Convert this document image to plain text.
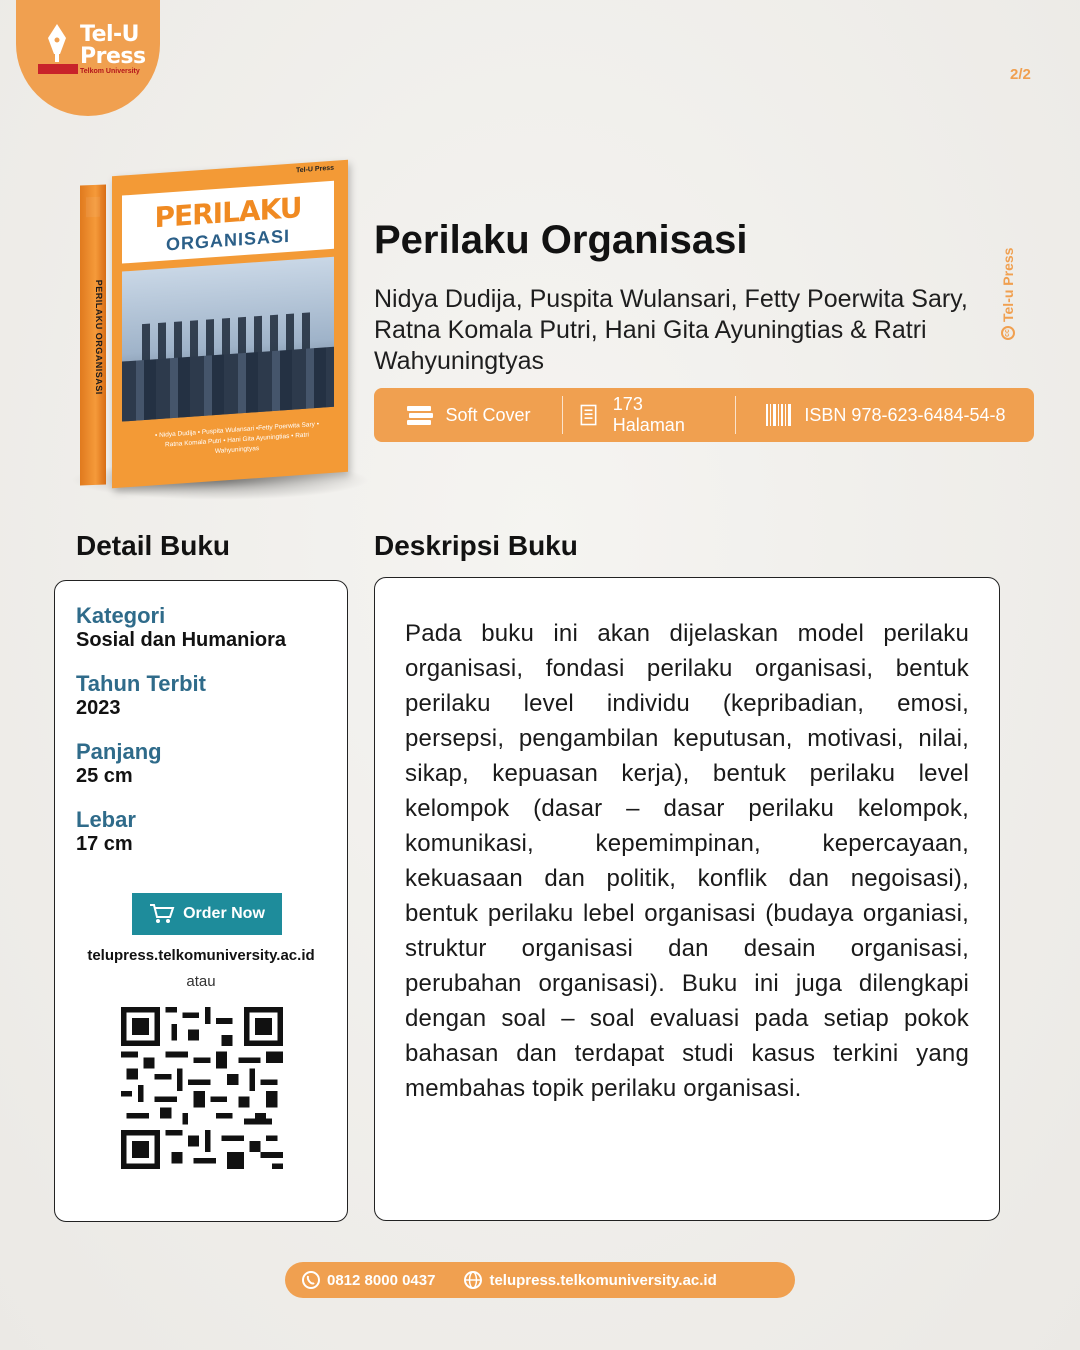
Tel-U
Press
Telkom University	2/2
cc
Tel-u Press
PERILAKU ORGANISASI
Tel-U Press
PERILAKU
ORGANISASI
• Nidya Dudija • Puspita Wulansari •Fetty Poerwita Sary • Ratna Komala Putri • Hani Gita Ayuningtias • Ratri Wahyuningtyas
Perilaku Organisasi
Nidya Dudija, Puspita Wulansari, Fetty Poerwita Sary, Ratna Komala Putri, Hani Gita Ayuningtias & Ratri Wahyuningtyas
Soft Cover
173 Halaman
ISBN 978-623-6484-54-8
Detail Buku	Deskripsi Buku
Kategori
Sosial dan Humaniora
Tahun Terbit
2023
Panjang
25 cm
Lebar
17 cm
Order Now
telupress.telkomuniversity.ac.id
atau
Pada buku ini akan dijelaskan model perilaku organisasi, fondasi perilaku organisasi, bentuk perilaku level individu (kepribadian, emosi, persepsi, pengambilan keputusan, motivasi, nilai, sikap, kepuasan kerja), bentuk perilaku level kelompok (dasar – dasar perilaku kelompok, komunikasi, kepemimpinan, kepercayaan, kekuasaan dan politik, konflik dan negoisasi), bentuk perilaku lebel organisasi (budaya organiasi, struktur organisasi dan desain organisasi, perubahan organisasi). Buku ini juga dilengkapi dengan soal – soal evaluasi pada setiap pokok bahasan dan terdapat studi kasus terkini yang membahas topik perilaku organisasi.
0812 8000 0437	telupress.telkomuniversity.ac.id
